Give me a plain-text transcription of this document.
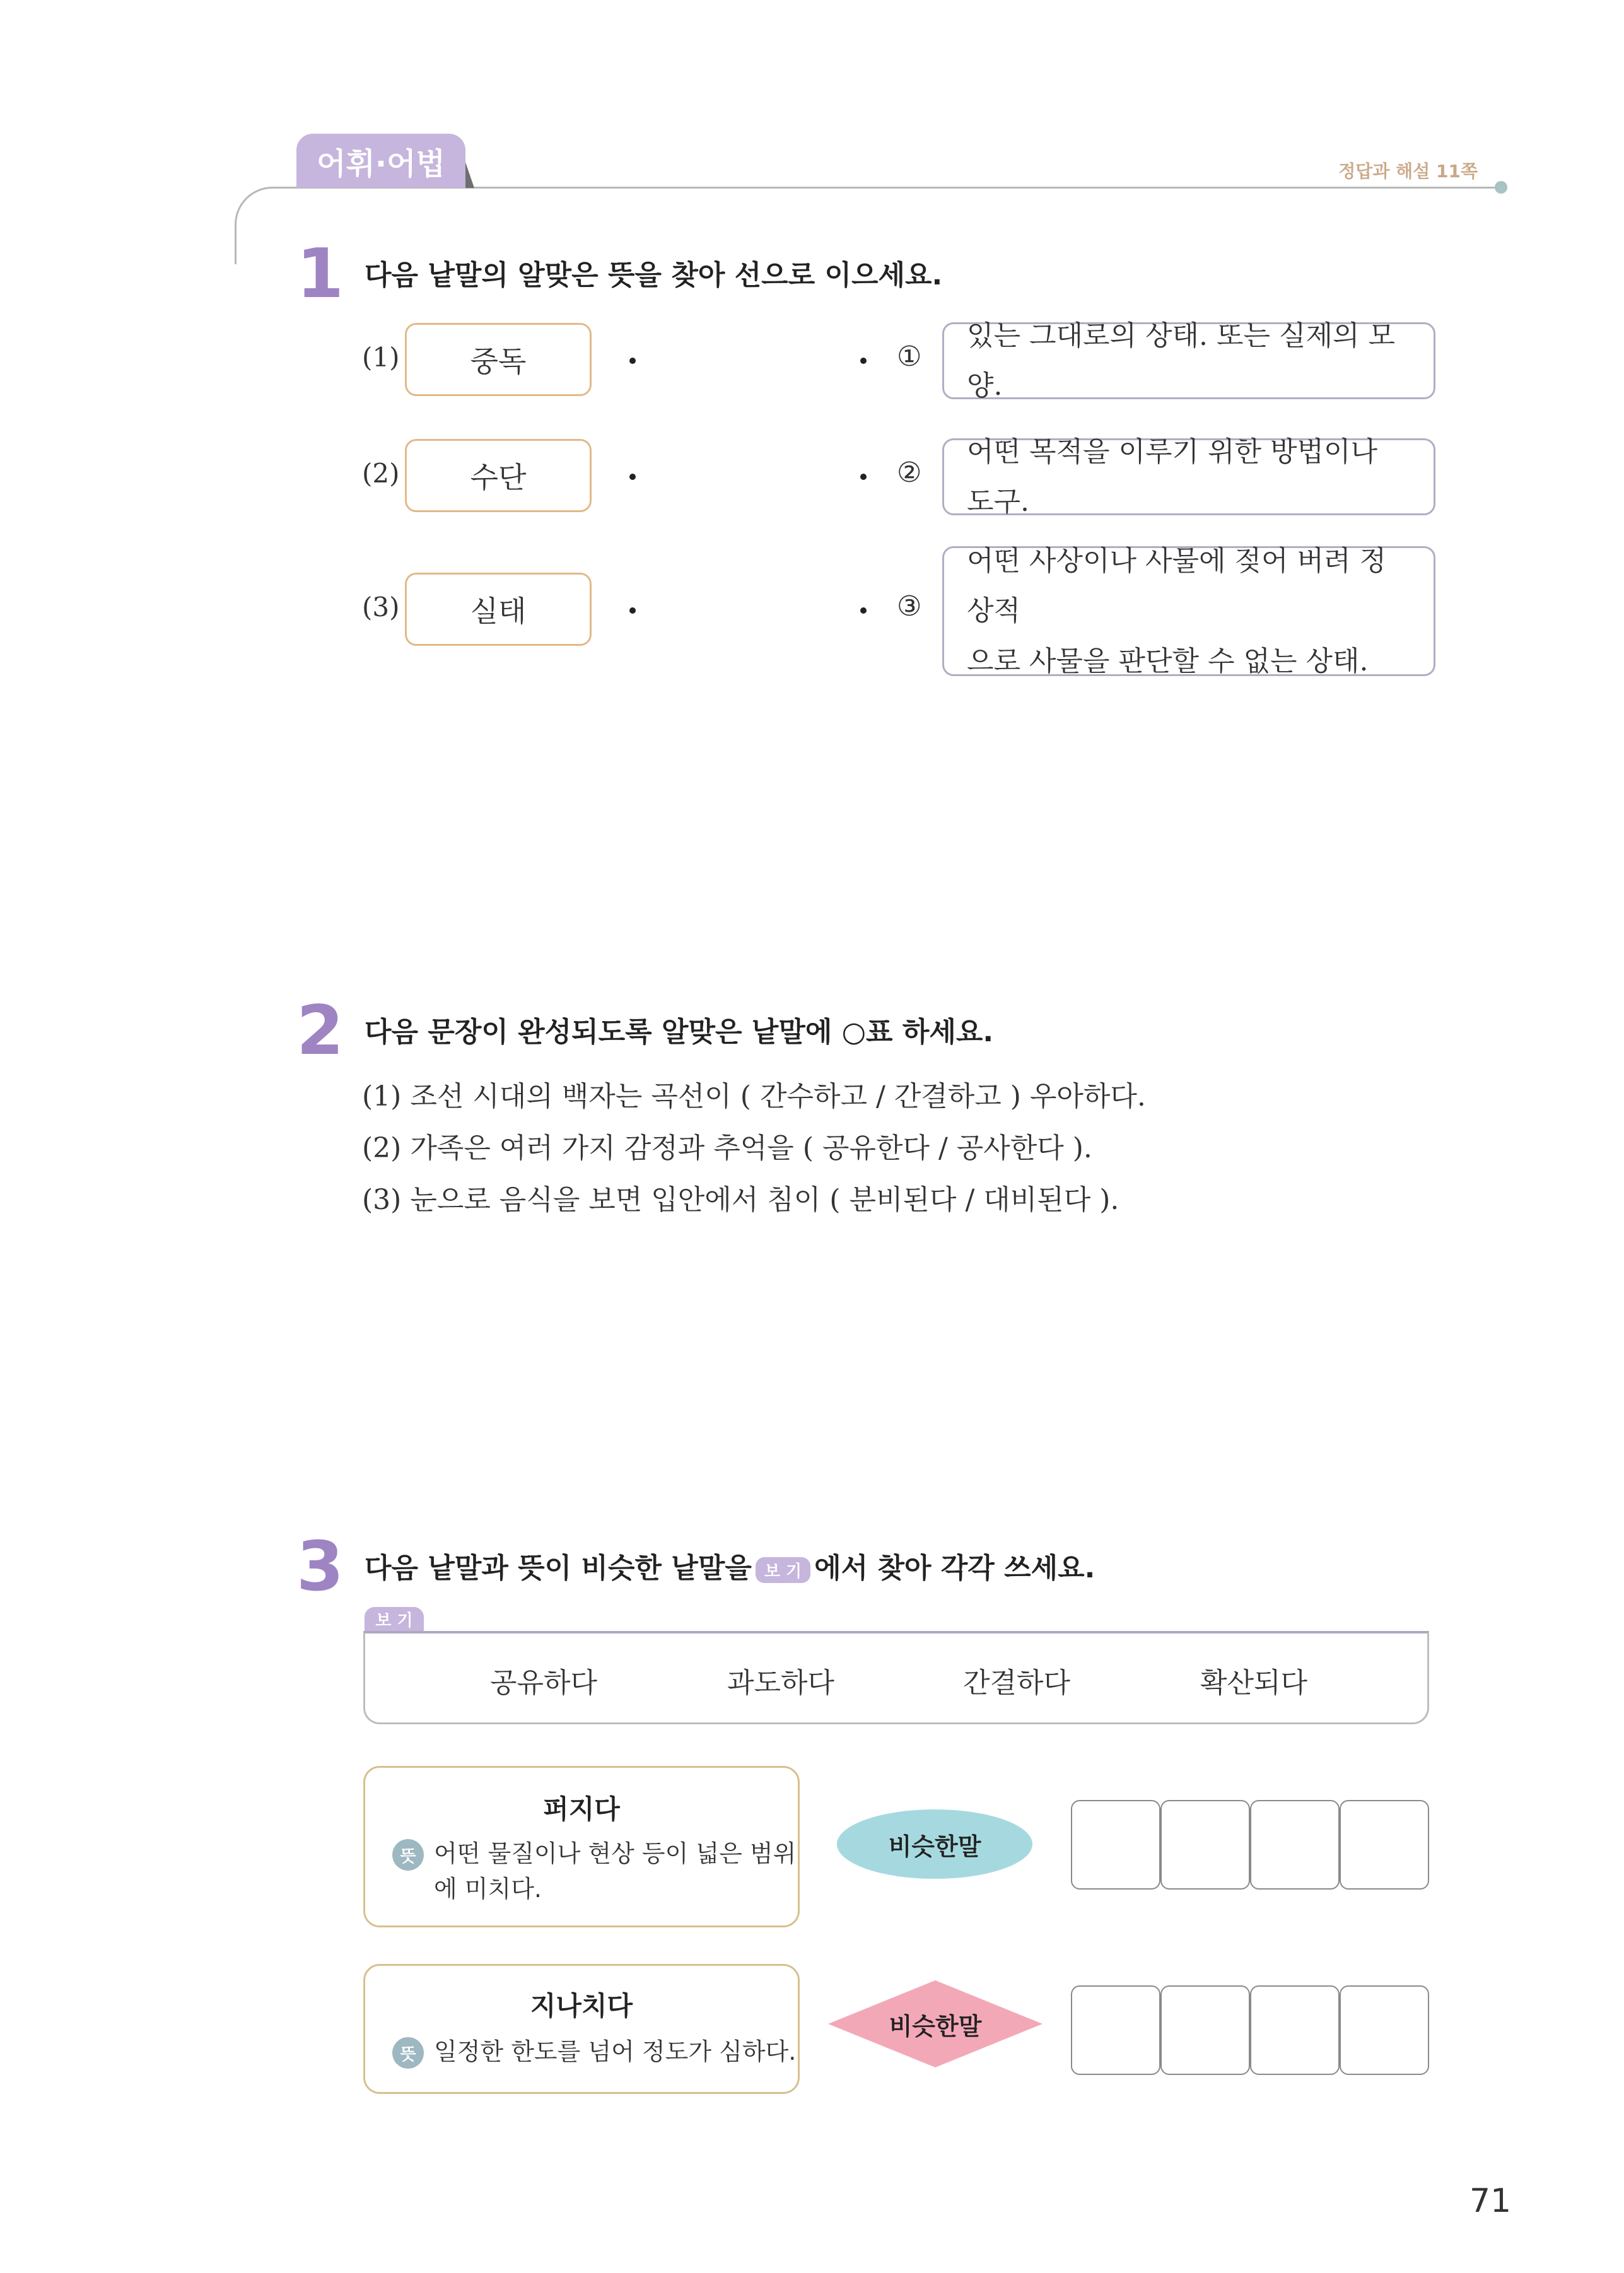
어휘·어법	정답과 해설 11쪽
1 다음 낱말의 알맞은 뜻을 찾아 선으로 이으세요.
(1)	중독	①
있는 그대로의 상태. 또는 실제의 모양.
(2)	수단	②
어떤 목적을 이루기 위한 방법이나 도구.
(3)	실태	③
어떤 사상이나 사물에 젖어 버려 정상적
으로 사물을 판단할 수 없는 상태.
2 다음 문장이 완성되도록 알맞은 낱말에 ○표 하세요.
(1) 조선 시대의 백자는 곡선이 ( 간수하고 / 간결하고 ) 우아하다.
(2) 가족은 여러 가지 감정과 추억을 ( 공유한다 / 공사한다 ).
(3) 눈으로 음식을 보면 입안에서 침이 ( 분비된다 / 대비된다 ).
3 다음 낱말과 뜻이 비슷한 낱말을 보 기 에서 찾아 각각 쓰세요.
보 기
공유하다	과도하다	간결하다	확산되다
퍼지다
뜻 어떤 물질이나 현상 등이 넓은 범위
에 미치다.
비슷한말
지나치다
뜻 일정한 한도를 넘어 정도가 심하다.
비슷한말
71
